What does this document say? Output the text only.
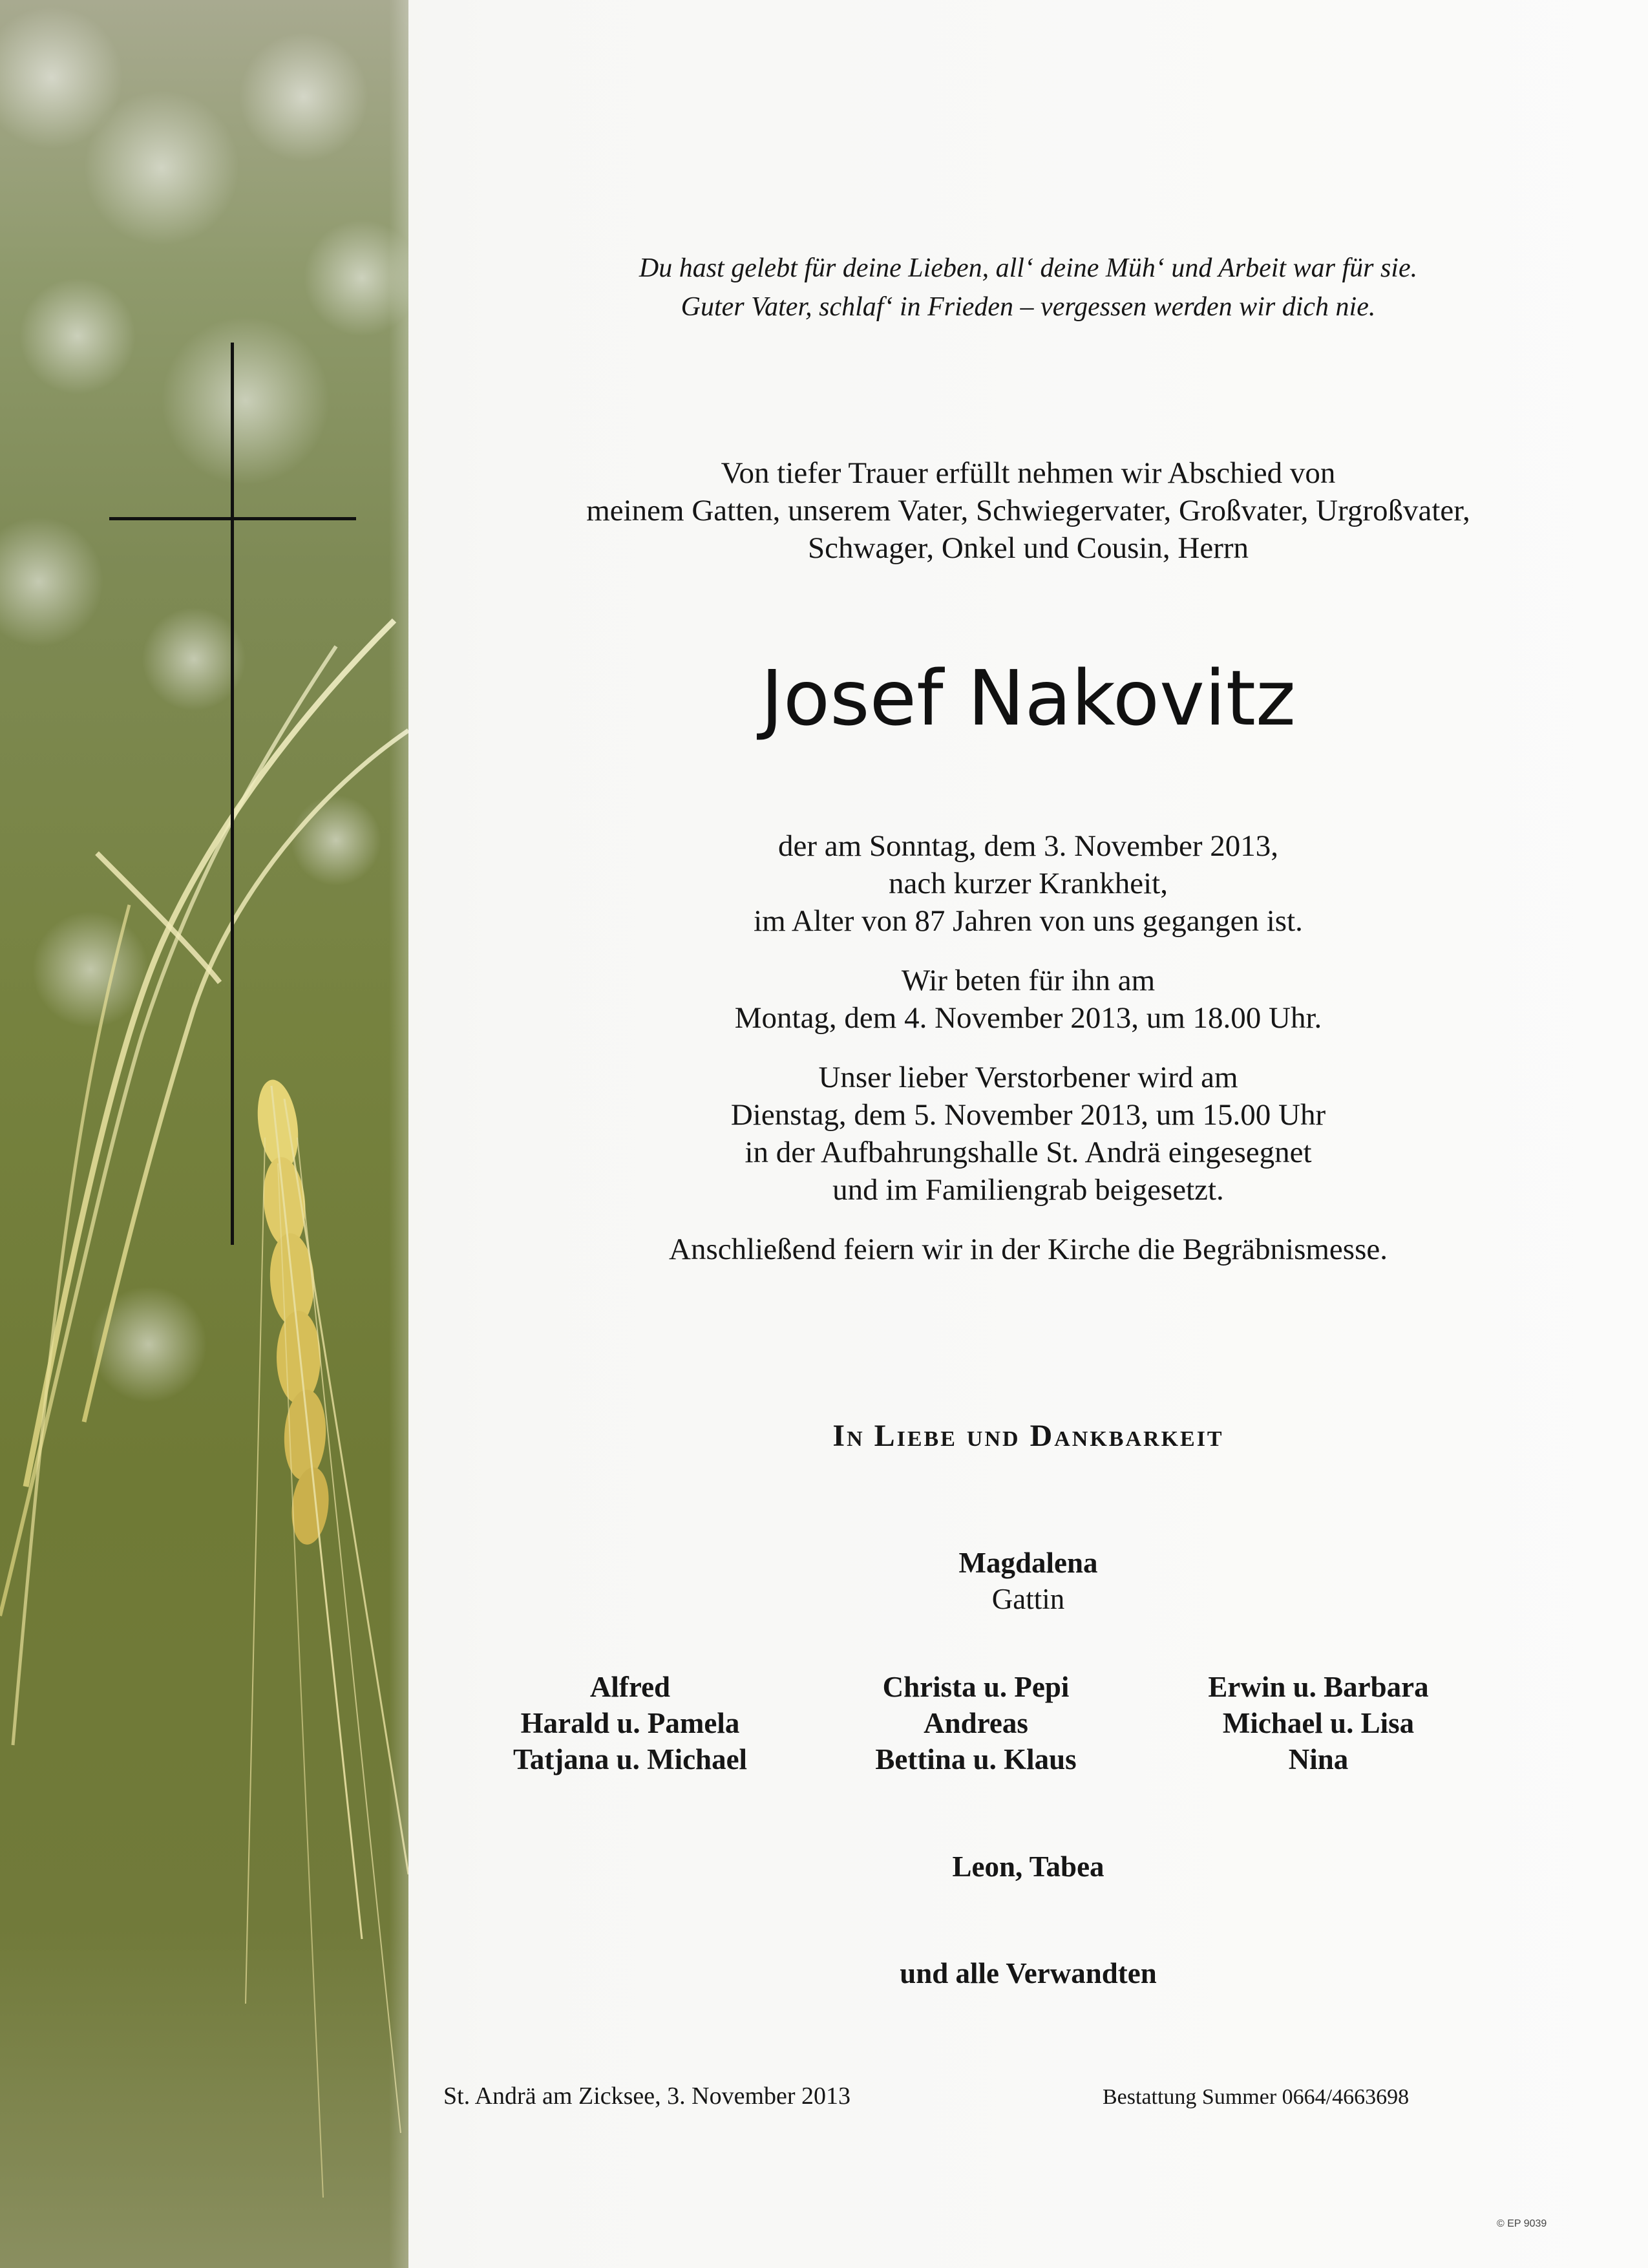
Du hast gelebt für deine Lieben, all‘ deine Müh‘ und Arbeit war für sie.
Guter Vater, schlaf‘ in Frieden – vergessen werden wir dich nie.
Von tiefer Trauer erfüllt nehmen wir Abschied von
meinem Gatten, unserem Vater, Schwiegervater, Großvater, Urgroßvater,
Schwager, Onkel und Cousin, Herrn
Josef Nakovitz

der am Sonntag, dem 3. November 2013,
nach kurzer Krankheit,
im Alter von 87 Jahren von uns gegangen ist.

Wir beten für ihn am
Montag, dem 4. November 2013, um 18.00 Uhr.

Unser lieber Verstorbener wird am
Dienstag, dem 5. November 2013, um 15.00 Uhr
in der Aufbahrungshalle St. Andrä eingesegnet
und im Familiengrab beigesetzt.

Anschließend feiern wir in der Kirche die Begräbnismesse.

In Liebe und Dankbarkeit
Magdalena
Gattin
Alfred
Harald u. Pamela
Tatjana u. Michael
Christa u. Pepi
Andreas
Bettina u. Klaus
Erwin u. Barbara
Michael u. Lisa
Nina
Leon, Tabea
und alle Verwandten
St. Andrä am Zicksee, 3. November 2013	Bestattung Summer 0664/4663698
© EP 9039
